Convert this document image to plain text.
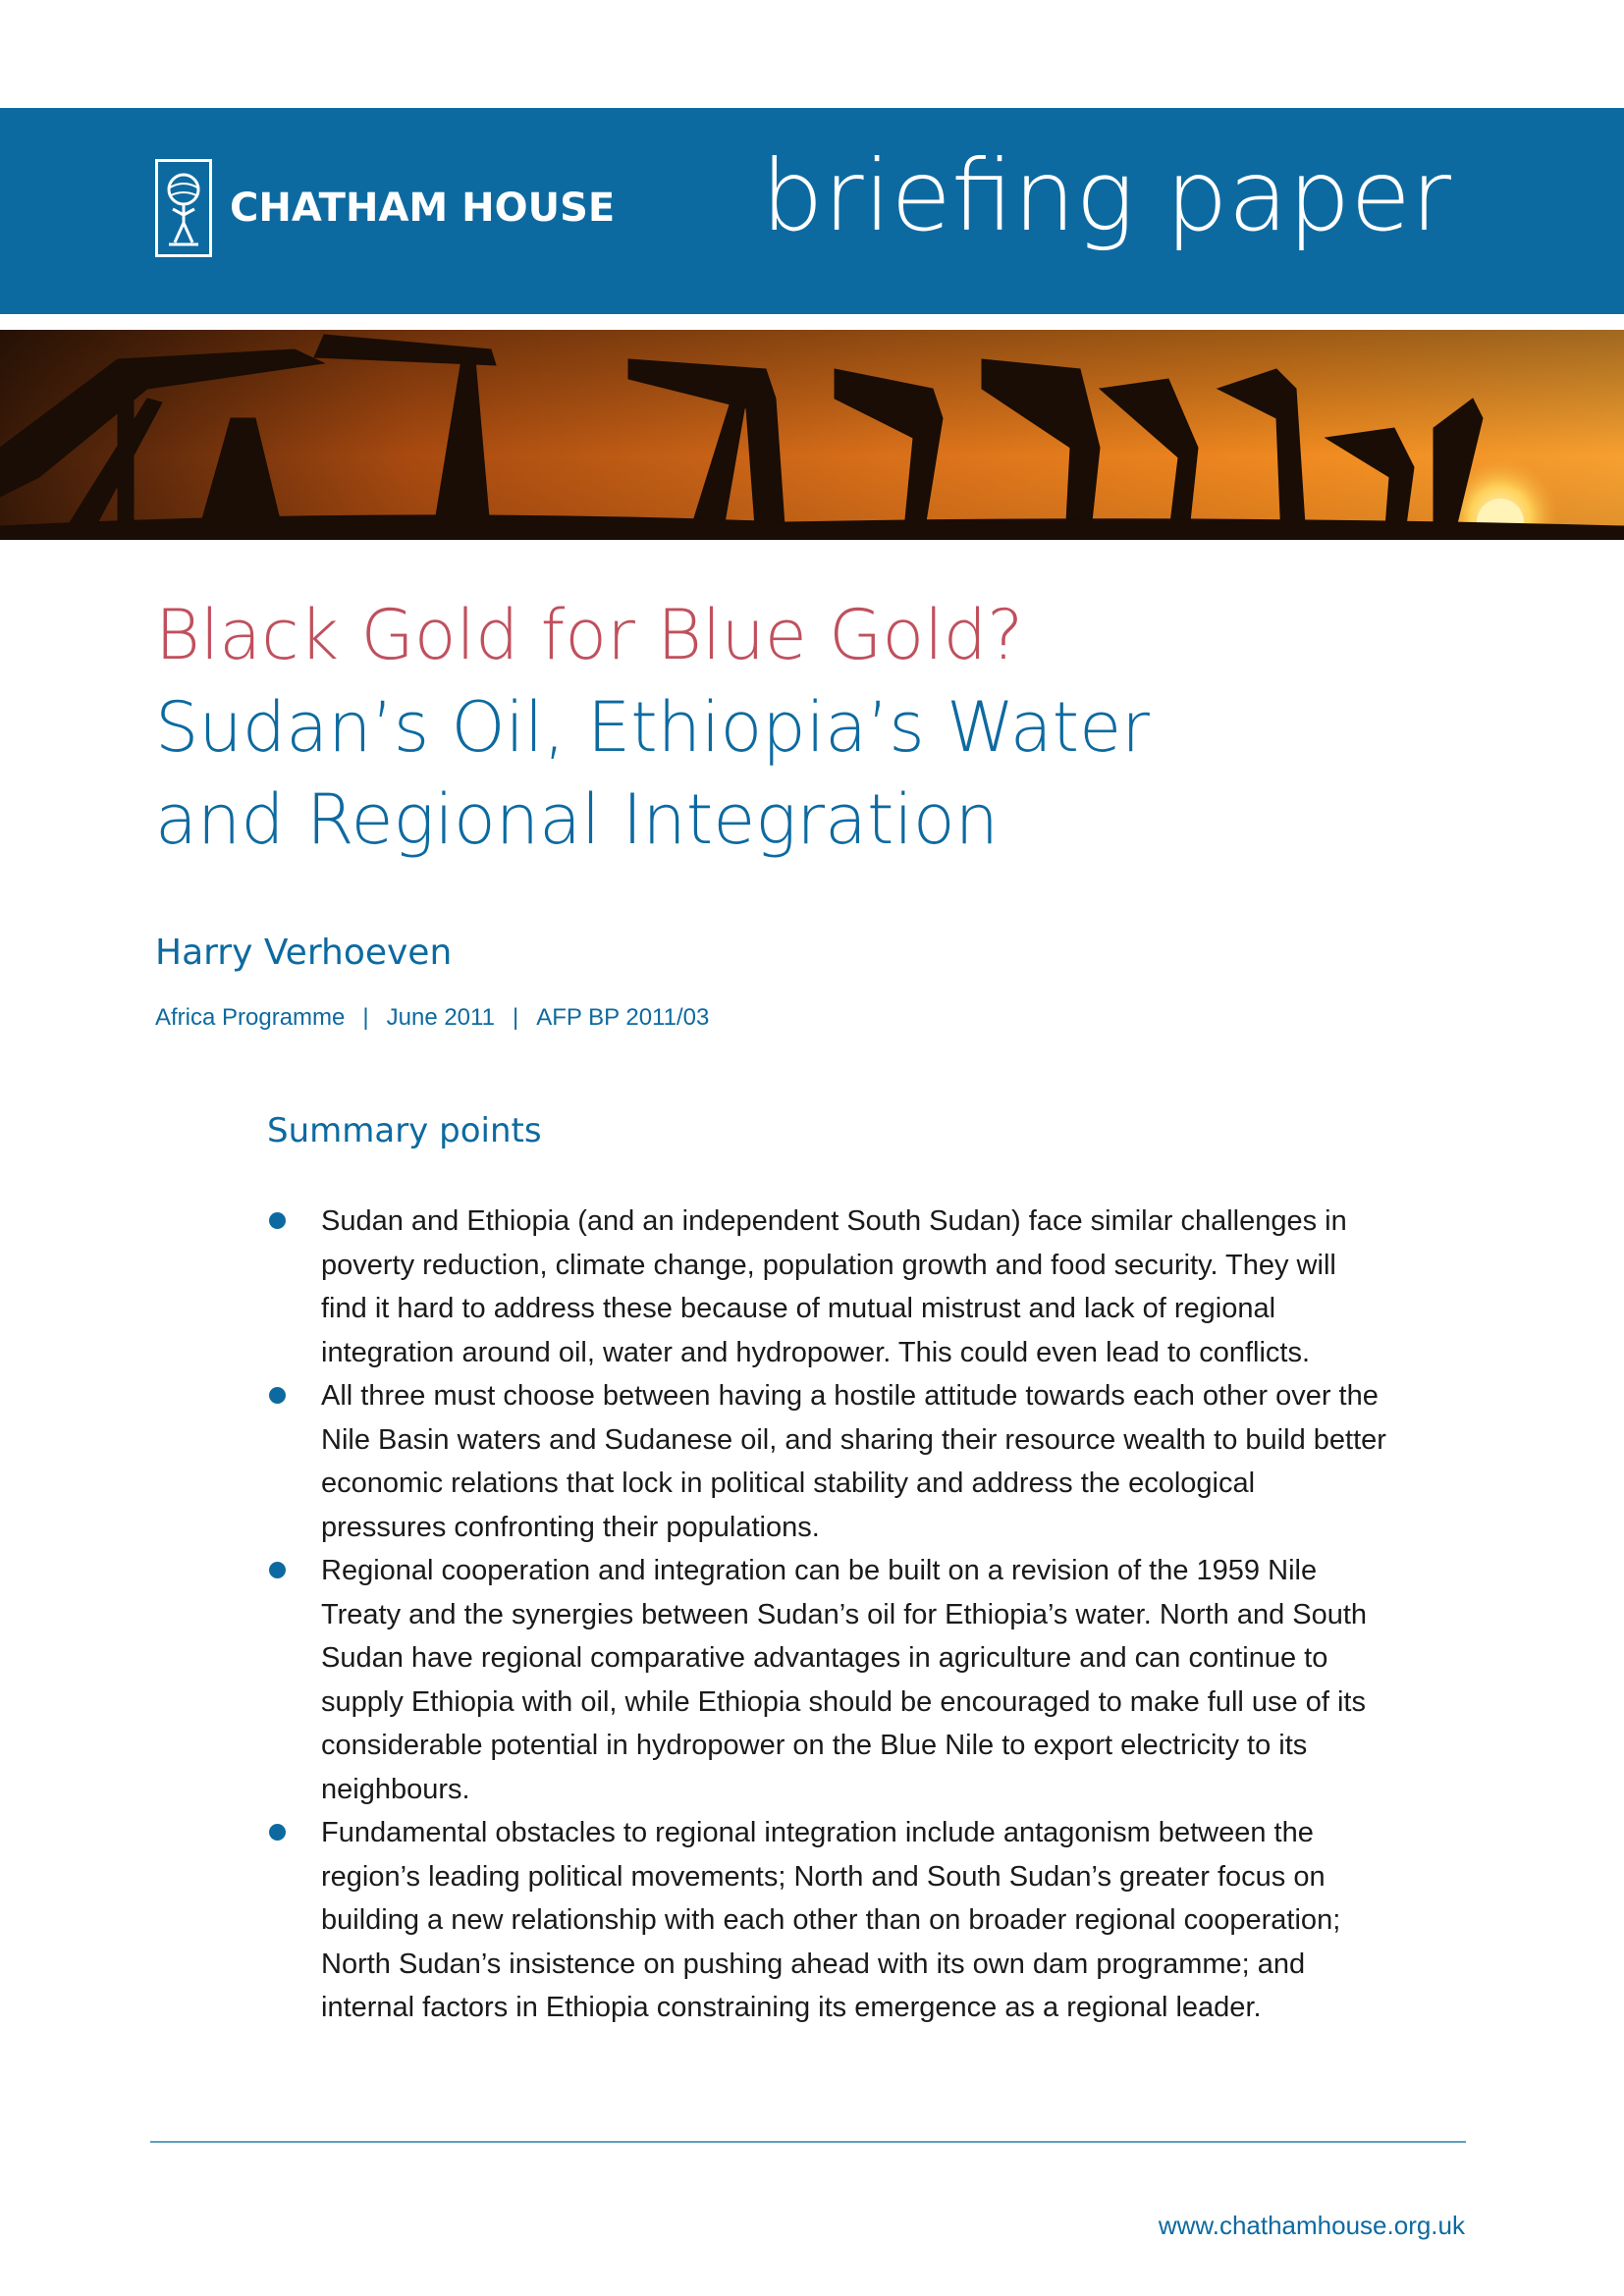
CHATHAM HOUSE briefing paper
Black Gold for Blue Gold?
Sudan’s Oil, Ethiopia’s Water
and Regional Integration
Harry Verhoeven
Africa Programme | June 2011 | AFP BP 2011/03
Summary points
Sudan and Ethiopia (and an independent South Sudan) face similar challenges in poverty reduction, climate change, population growth and food security. They will find it hard to address these because of mutual mistrust and lack of regional integration around oil, water and hydropower. This could even lead to conflicts.
All three must choose between having a hostile attitude towards each other over the Nile Basin waters and Sudanese oil, and sharing their resource wealth to build better economic relations that lock in political stability and address the ecological pressures confronting their populations.
Regional cooperation and integration can be built on a revision of the 1959 Nile Treaty and the synergies between Sudan’s oil for Ethiopia’s water. North and South Sudan have regional comparative advantages in agriculture and can continue to supply Ethiopia with oil, while Ethiopia should be encouraged to make full use of its considerable potential in hydropower on the Blue Nile to export electricity to its neighbours.
Fundamental obstacles to regional integration include antagonism between the region’s leading political movements; North and South Sudan’s greater focus on building a new relationship with each other than on broader regional cooperation; North Sudan’s insistence on pushing ahead with its own dam programme; and internal factors in Ethiopia constraining its emergence as a regional leader.
www.chathamhouse.org.uk
